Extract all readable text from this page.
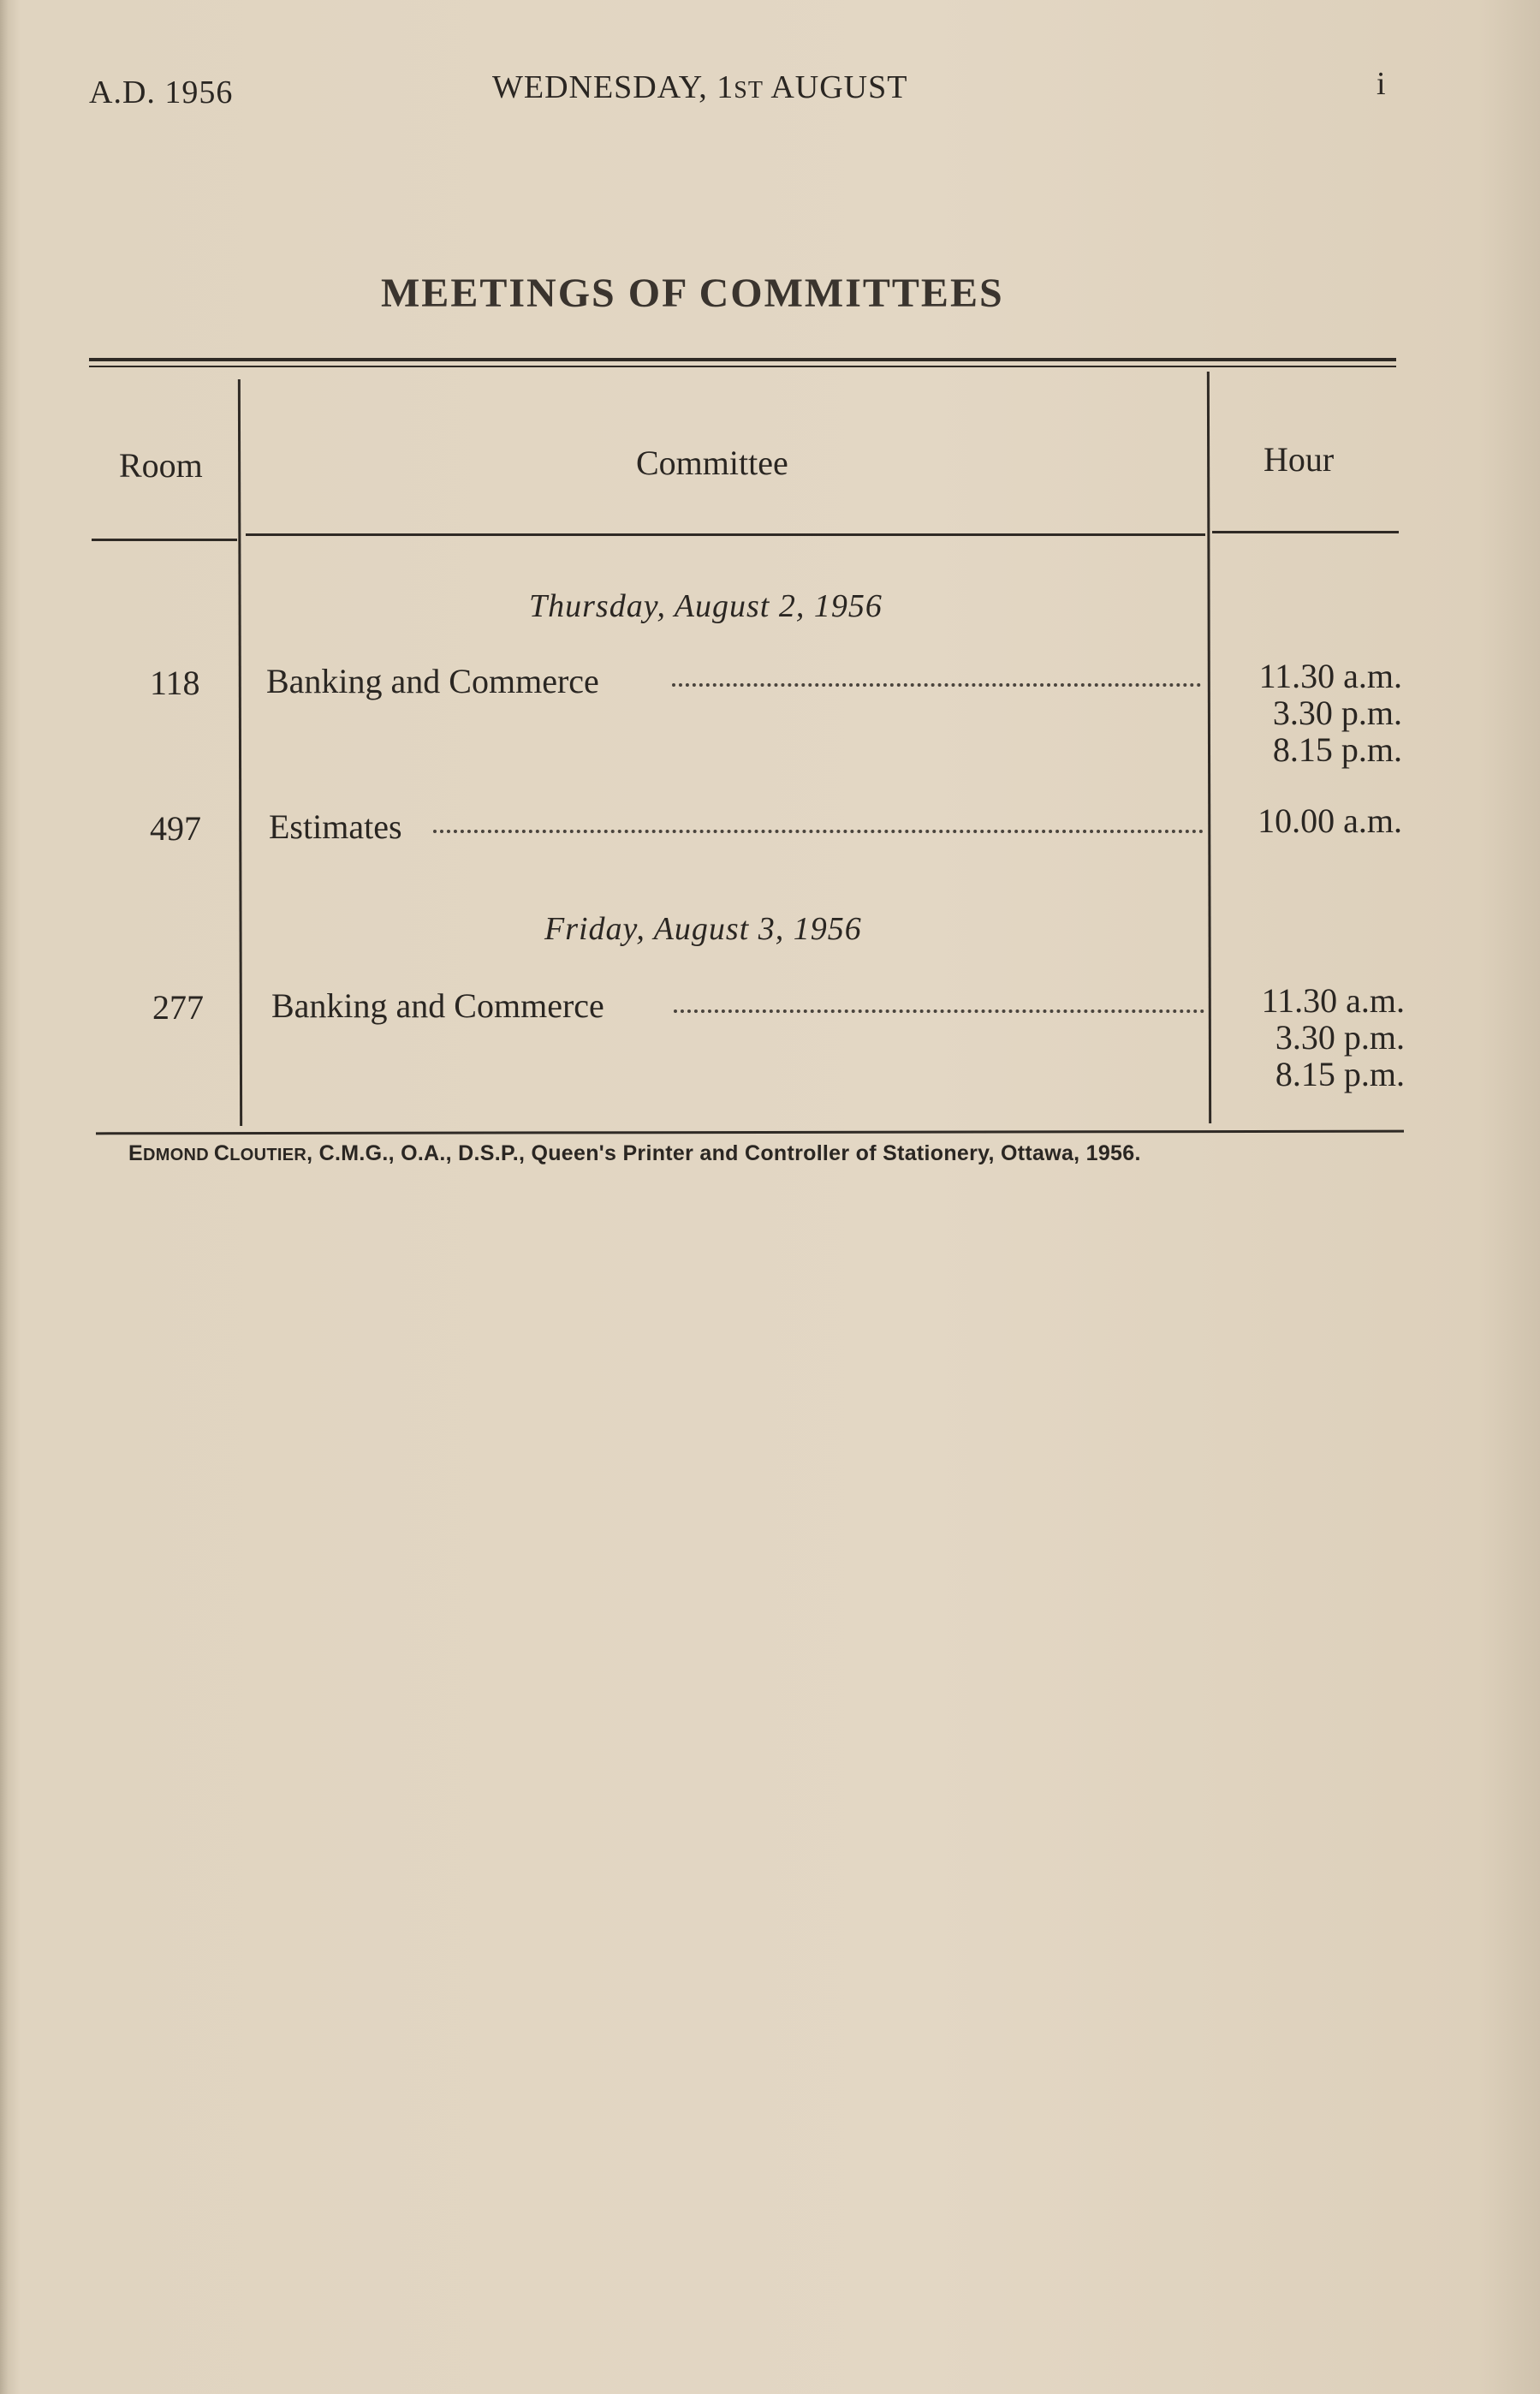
A.D. 1956	WEDNESDAY, 1ST AUGUST	i
MEETINGS OF COMMITTEES
Room	Committee	Hour
Thursday, August 2, 1956
118 Banking and Commerce	11.30 a.m.
3.30 p.m.
8.15 p.m.
497 Estimates	10.00 a.m.
Friday, August 3, 1956
277 Banking and Commerce	11.30 a.m.
3.30 p.m.
8.15 p.m.
EDMOND CLOUTIER, C.M.G., O.A., D.S.P., Queen's Printer and Controller of Stationery, Ottawa, 1956.
